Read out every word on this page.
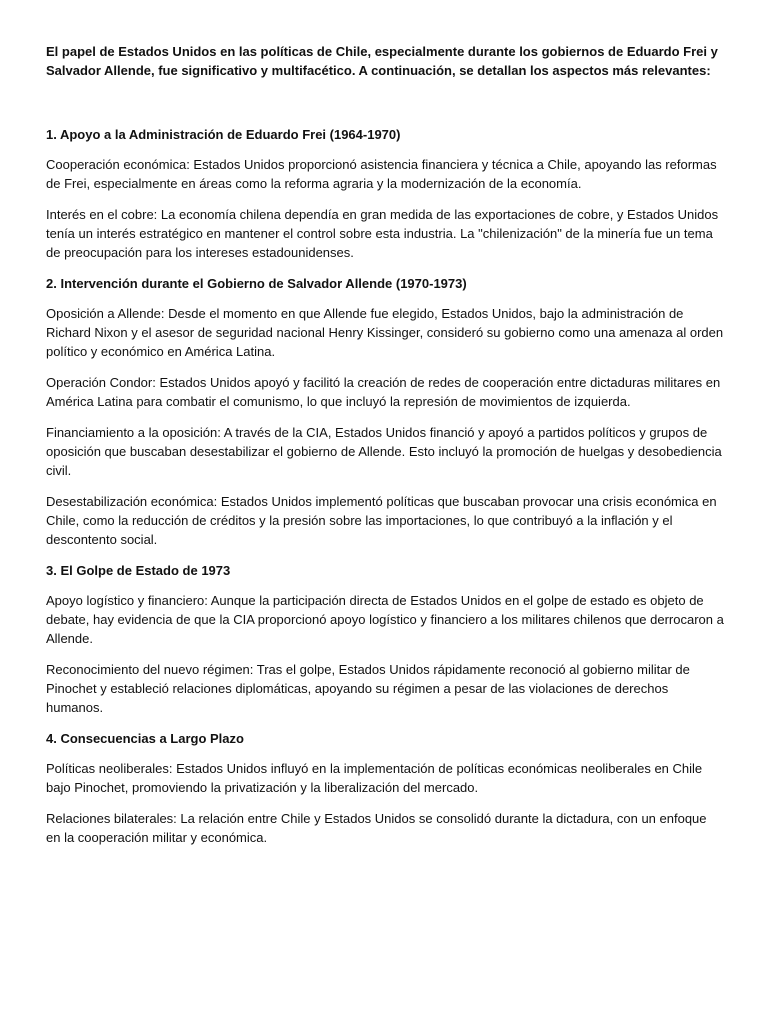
El papel de Estados Unidos en las políticas de Chile, especialmente durante los gobiernos de Eduardo Frei y Salvador Allende, fue significativo y multifacético. A continuación, se detallan los aspectos más relevantes:

1. Apoyo a la Administración de Eduardo Frei (1964-1970)

Cooperación económica: Estados Unidos proporcionó asistencia financiera y técnica a Chile, apoyando las reformas de Frei, especialmente en áreas como la reforma agraria y la modernización de la economía.

Interés en el cobre: La economía chilena dependía en gran medida de las exportaciones de cobre, y Estados Unidos tenía un interés estratégico en mantener el control sobre esta industria. La "chilenización" de la minería fue un tema de preocupación para los intereses estadounidenses.

2. Intervención durante el Gobierno de Salvador Allende (1970-1973)

Oposición a Allende: Desde el momento en que Allende fue elegido, Estados Unidos, bajo la administración de Richard Nixon y el asesor de seguridad nacional Henry Kissinger, consideró su gobierno como una amenaza al orden político y económico en América Latina.

Operación Condor: Estados Unidos apoyó y facilitó la creación de redes de cooperación entre dictaduras militares en América Latina para combatir el comunismo, lo que incluyó la represión de movimientos de izquierda.

Financiamiento a la oposición: A través de la CIA, Estados Unidos financió y apoyó a partidos políticos y grupos de oposición que buscaban desestabilizar el gobierno de Allende. Esto incluyó la promoción de huelgas y desobediencia civil.

Desestabilización económica: Estados Unidos implementó políticas que buscaban provocar una crisis económica en Chile, como la reducción de créditos y la presión sobre las importaciones, lo que contribuyó a la inflación y el descontento social.

3. El Golpe de Estado de 1973

Apoyo logístico y financiero: Aunque la participación directa de Estados Unidos en el golpe de estado es objeto de debate, hay evidencia de que la CIA proporcionó apoyo logístico y financiero a los militares chilenos que derrocaron a Allende.

Reconocimiento del nuevo régimen: Tras el golpe, Estados Unidos rápidamente reconoció al gobierno militar de Pinochet y estableció relaciones diplomáticas, apoyando su régimen a pesar de las violaciones de derechos humanos.

4. Consecuencias a Largo Plazo

Políticas neoliberales: Estados Unidos influyó en la implementación de políticas económicas neoliberales en Chile bajo Pinochet, promoviendo la privatización y la liberalización del mercado.

Relaciones bilaterales: La relación entre Chile y Estados Unidos se consolidó durante la dictadura, con un enfoque en la cooperación militar y económica.
